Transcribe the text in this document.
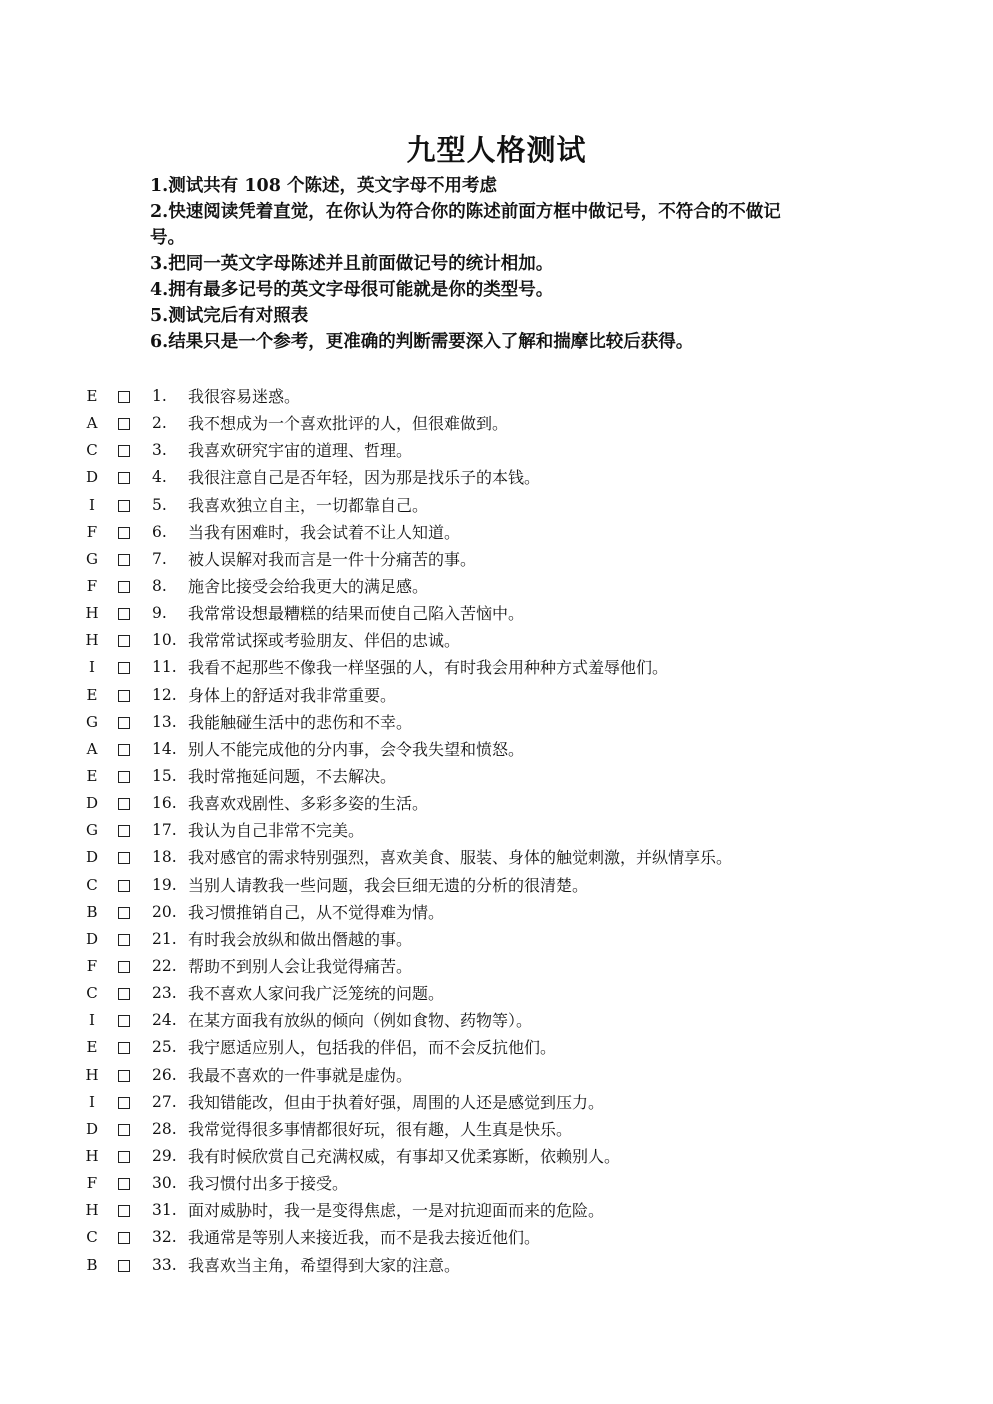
九型人格测试
1.测试共有 108 个陈述，英文字母不用考虑
2.快速阅读凭着直觉，在你认为符合你的陈述前面方框中做记号，不符合的不做记
号。
3.把同一英文字母陈述并且前面做记号的统计相加。
4.拥有最多记号的英文字母很可能就是你的类型号。
5.测试完后有对照表
6.结果只是一个参考，更准确的判断需要深入了解和揣摩比较后获得。
E	1. 我很容易迷惑。
A	2. 我不想成为一个喜欢批评的人，但很难做到。
C	3. 我喜欢研究宇宙的道理、哲理。
D	4. 我很注意自己是否年轻，因为那是找乐子的本钱。
I	5. 我喜欢独立自主，一切都靠自己。
F	6. 当我有困难时，我会试着不让人知道。
G	7. 被人误解对我而言是一件十分痛苦的事。
F	8. 施舍比接受会给我更大的满足感。
H	9. 我常常设想最糟糕的结果而使自己陷入苦恼中。
H	10. 我常常试探或考验朋友、伴侣的忠诚。
I	11. 我看不起那些不像我一样坚强的人，有时我会用种种方式羞辱他们。
E	12. 身体上的舒适对我非常重要。
G	13. 我能触碰生活中的悲伤和不幸。
A	14. 别人不能完成他的分内事，会令我失望和愤怒。
E	15. 我时常拖延问题，不去解决。
D	16. 我喜欢戏剧性、多彩多姿的生活。
G	17. 我认为自己非常不完美。
D	18. 我对感官的需求特别强烈，喜欢美食、服装、身体的触觉刺激，并纵情享乐。
C	19. 当别人请教我一些问题，我会巨细无遗的分析的很清楚。
B	20. 我习惯推销自己，从不觉得难为情。
D	21. 有时我会放纵和做出僭越的事。
F	22. 帮助不到别人会让我觉得痛苦。
C	23. 我不喜欢人家问我广泛笼统的问题。
I	24. 在某方面我有放纵的倾向（例如食物、药物等）。
E	25. 我宁愿适应别人，包括我的伴侣，而不会反抗他们。
H	26. 我最不喜欢的一件事就是虚伪。
I	27. 我知错能改，但由于执着好强，周围的人还是感觉到压力。
D	28. 我常觉得很多事情都很好玩，很有趣，人生真是快乐。
H	29. 我有时候欣赏自己充满权威，有事却又优柔寡断，依赖别人。
F	30. 我习惯付出多于接受。
H	31. 面对威胁时，我一是变得焦虑，一是对抗迎面而来的危险。
C	32. 我通常是等别人来接近我，而不是我去接近他们。
B	33. 我喜欢当主角，希望得到大家的注意。
